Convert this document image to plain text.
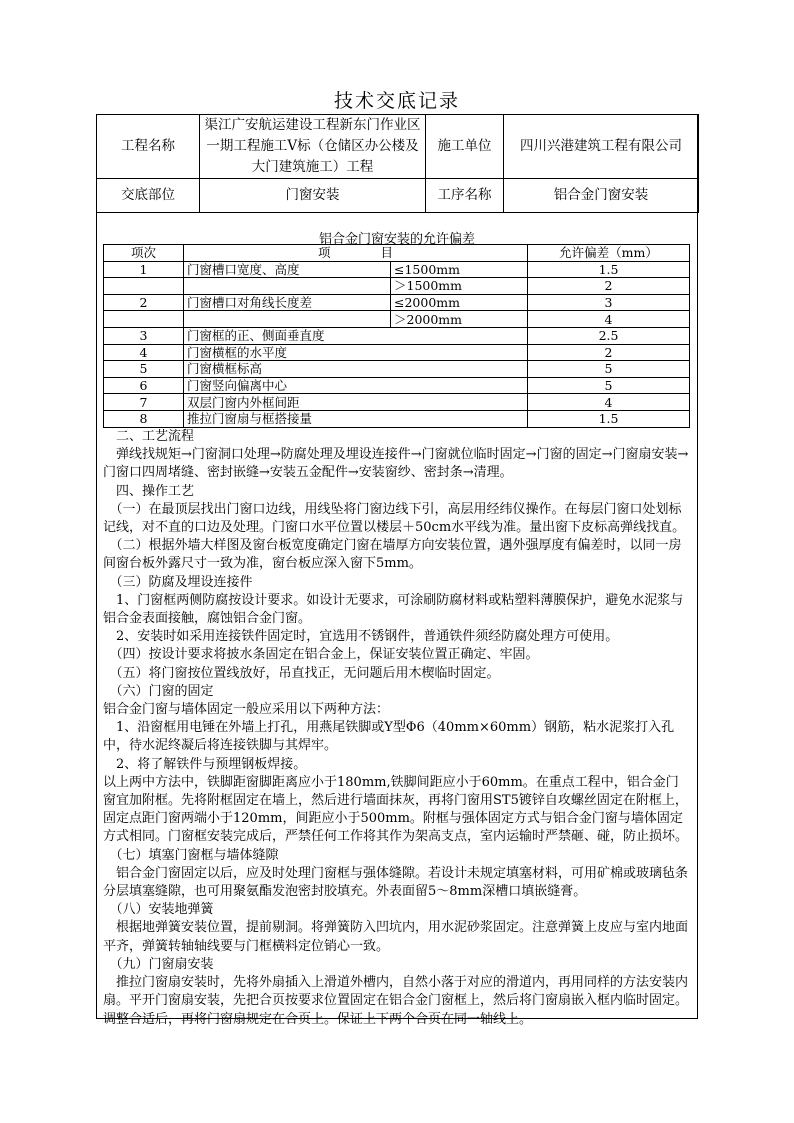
技术交底记录
工程名称	渠江广安航运建设工程新东门作业区一期工程施工Ⅴ标（仓储区办公楼及大门建筑施工）工程	施工单位	四川兴港建筑工程有限公司
交底部位	门窗安装	工序名称	铝合金门窗安装
铝合金门窗安装的允许偏差
项次	项　　　　目		允许偏差（mm）
1	门窗槽口宽度、高度	≤1500mm	1.5
		＞1500mm	2
2	门窗槽口对角线长度差	≤2000mm	3
		＞2000mm	4
3	门窗框的正、侧面垂直度		2.5
4	门窗横框的水平度		2
5	门窗横框标高		5
6	门窗竖向偏离中心		5
7	双层门窗内外框间距		4
8	推拉门窗扇与框搭接量		1.5

　二、工艺流程

　弹线找规矩→门窗洞口处理→防腐处理及埋设连接件→门窗就位临时固定→门窗的固定→门窗扇安装→门窗口四周堵缝、密封嵌缝→安装五金配件→安装窗纱、密封条→清理。

　四、操作工艺

　（一）在最顶层找出门窗口边线，用线坠将门窗边线下引，高层用经纬仪操作。在每层门窗口处划标记线，对不直的口边及处理。门窗口水平位置以楼层＋50cm水平线为准。量出窗下皮标高弹线找直。

　（二）根据外墙大样图及窗台板宽度确定门窗在墙厚方向安装位置，遇外强厚度有偏差时，以同一房间窗台板外露尺寸一致为准，窗台板应深入窗下5mm。

　（三）防腐及埋设连接件

　1、门窗框两侧防腐按设计要求。如设计无要求，可涂刷防腐材料或粘塑料薄膜保护，避免水泥浆与铝合金表面接触，腐蚀铝合金门窗。

　2、安装时如采用连接铁件固定时，宜选用不锈钢件，普通铁件须经防腐处理方可使用。

　（四）按设计要求将披水条固定在铝合金上，保证安装位置正确定、牢固。

　（五）将门窗按位置线放好，吊直找正，无问题后用木楔临时固定。

　（六）门窗的固定

铝合金门窗与墙体固定一般应采用以下两种方法：

　1、沿窗框用电锤在外墙上打孔，用燕尾铁脚或Y型Φ6（40mm×60mm）钢筋，粘水泥浆打入孔中，待水泥终凝后将连接铁脚与其焊牢。

　2、将了解铁件与预埋钢板焊接。

以上两中方法中，铁脚距窗脚距离应小于180mm,铁脚间距应小于60mm。在重点工程中，铝合金门窗宜加附框。先将附框固定在墙上，然后进行墙面抹灰，再将门窗用ST5镀锌自攻螺丝固定在附框上，固定点距门窗两端小于120mm，间距应小于500mm。附框与强体固定方式与铝合金门窗与墙体固定方式相同。门窗框安装完成后，严禁任何工作将其作为架高支点，室内运输时严禁砸、碰，防止损坏。

　（七）填塞门窗框与墙体缝隙

　铝合金门窗固定以后，应及时处理门窗框与强体缝隙。若设计未规定填塞材料，可用矿棉或玻璃毡条分层填塞缝隙，也可用聚氨酯发泡密封胶填充。外表面留5～8mm深槽口填嵌缝膏。

　（八）安装地弹簧

　根据地弹簧安装位置，提前剔洞。将弹簧防入凹坑内，用水泥砂浆固定。注意弹簧上皮应与室内地面平齐，弹簧转轴轴线要与门框横料定位销心一致。

　（九）门窗扇安装

　推拉门窗扇安装时，先将外扇插入上滑道外槽内，自然小落于对应的滑道内，再用同样的方法安装内扇。平开门窗扇安装，先把合页按要求位置固定在铝合金门窗框上，然后将门窗扇嵌入框内临时固定。调整合适后，再将门窗扇规定在合页上。保证上下两个合页在同一轴线上。
